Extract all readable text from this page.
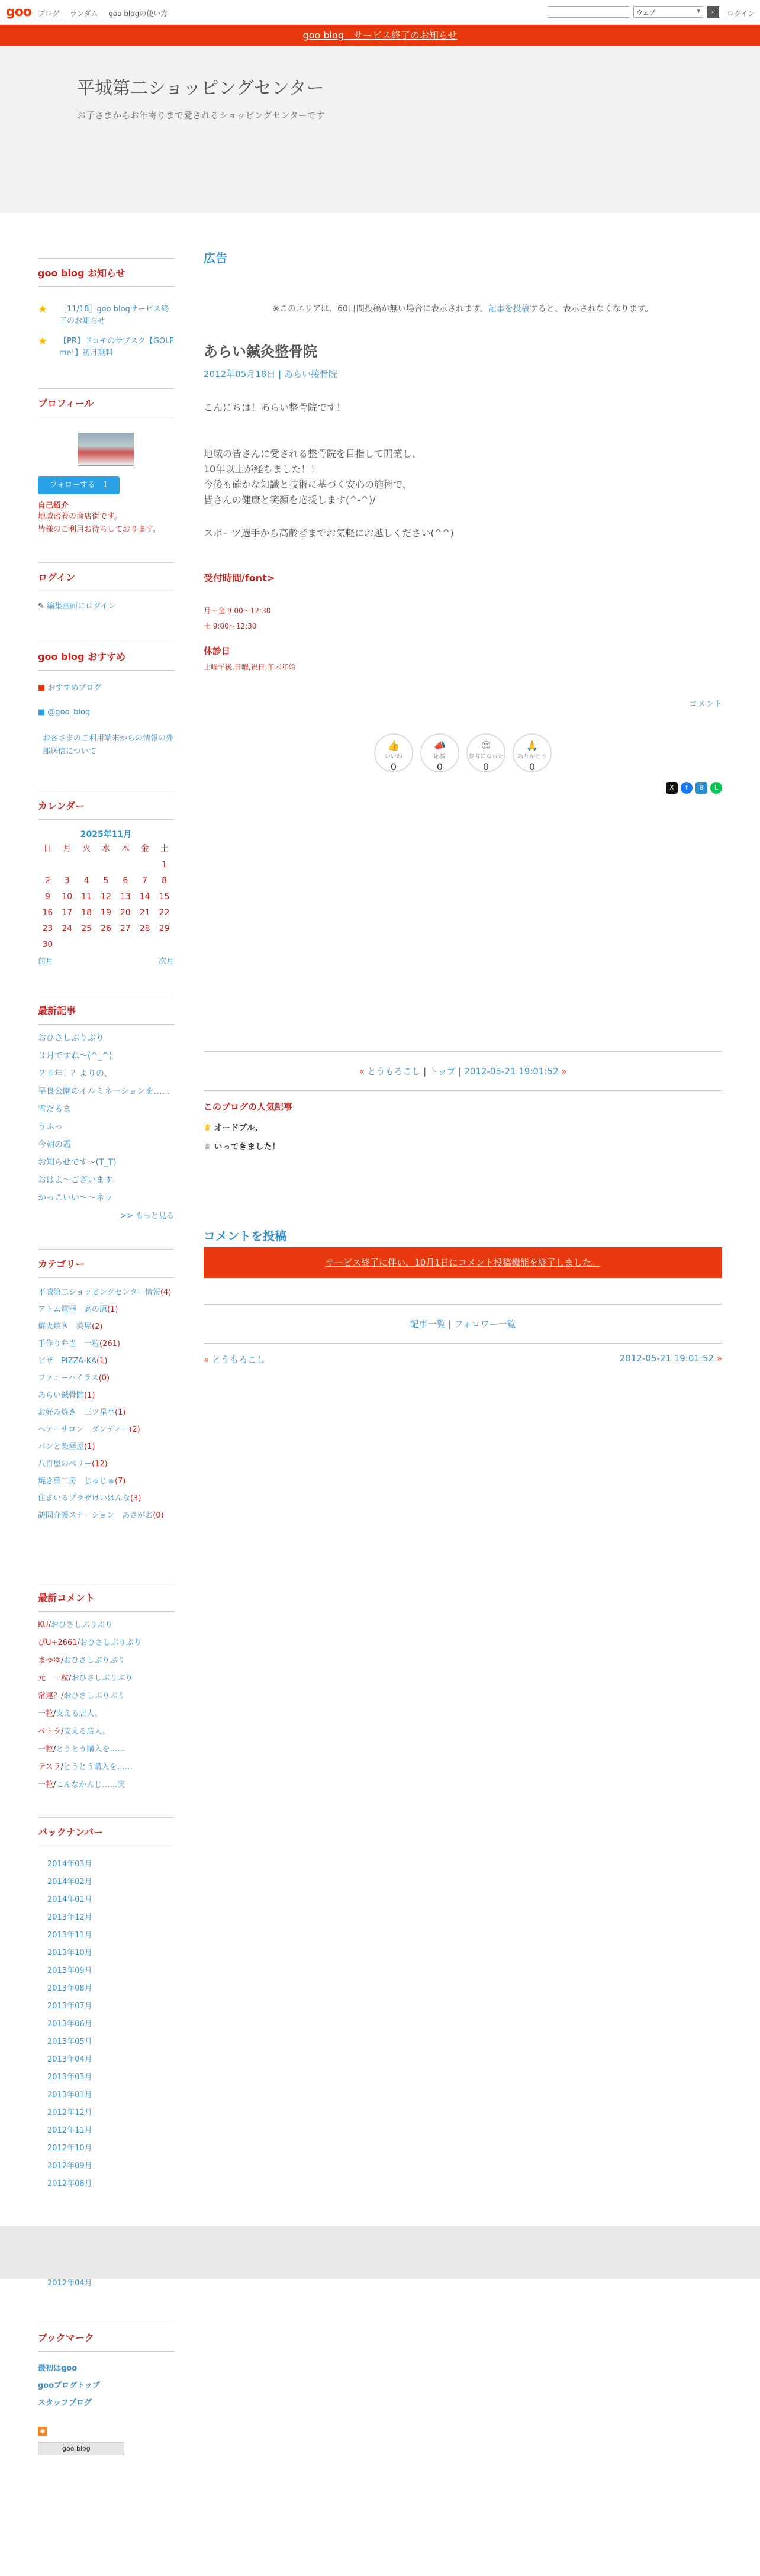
goo ブログ ランダム goo blogの使い方	ウェブ ▾	⌕	ログイン
goo blog　サービス終了のお知らせ
平城第二ショッピングセンター
お子さまからお年寄りまで愛されるショッピングセンターです
goo blog お知らせ
★ ［11/18］goo blogサービス終了のお知らせ
★ 【PR】ドコモのサブスク【GOLF me!】初月無料
プロフィール
フォローする　1
自己紹介
地域密着の商店街です。
皆様のご利用お待ちしております。
ログイン
✎ 編集画面にログイン
goo blog おすすめ
■ おすすめブログ
■ @goo_blog
お客さまのご利用端末からの情報の外部送信について
カレンダー
2025年11月
日	月	火	水	木	金	土
						1
2	3	4	5	6	7	8
9	10	11	12	13	14	15
16	17	18	19	20	21	22
23	24	25	26	27	28	29
30						
前月	次月
最新記事
おひさしぶりぶり
３月ですね〜(^_^)
２４年！？よりの、
早良公園のイルミネーションを……
雪だるま
うふっ
今朝の霜
お知らせです〜(T_T)
おはよ〜ございます。
かっこいい〜〜ネッ
>> もっと見る
カテゴリー
平城第二ショッピングセンター情報(4)
アトム電器　高の原(1)
焼火焼き　菜屋(2)
手作り弁当　一粒(261)
ピザ　PIZZA-KA(1)
ファニーハイラス(0)
あらい鍼骨院(1)
お好み焼き　三ツ星亭(1)
ヘアーサロン　ダンディー(2)
パンと楽器屋(1)
八百屋のベリー(12)
焼き菓工房　じゅじゅ(7)
住まいるプラザけいはんな(3)
訪問介護ステーション　あさがお(0)
最新コメント
KU/おひさしぶりぶり
ぴU+2661/おひさしぶりぶり
まゆゆ/おひさしぶりぶり
元　一粒/おひさしぶりぶり
常連？/おひさしぶりぶり
一粒/支える店人。
ペトラ/支える店人。
一粒/とうとう購入を……
テスラ/とうとう購入を……
一粒/こんなかんじ……実
バックナンバー
2014年03月
2014年02月
2014年01月
2013年12月
2013年11月
2013年10月
2013年09月
2013年08月
2013年07月
2013年06月
2013年05月
2013年04月
2013年03月
2013年01月
2012年12月
2012年11月
2012年10月
2012年09月
2012年08月
2012年04月
ブックマーク
最初はgoo
gooブログトップ
スタッフブログ
◉
goo blog
広告
※このエリアは、60日間投稿が無い場合に表示されます。記事を投稿すると、表示されなくなります。
あらい鍼灸整骨院
2012年05月18日 | あらい接骨院
こんにちは！あらい整骨院です！
地域の皆さんに愛される整骨院を目指して開業し、
10年以上が経ちました！！
今後も確かな知識と技術に基づく安心の施術で、
皆さんの健康と笑顔を応援します(^-^)/
スポーツ選手から高齢者までお気軽にお越しください(^^)
受付時間/font>
月〜金 9:00〜12:30
土 9:00〜12:30
休診日
土曜午後,日曜,祝日,年末年始
コメント
👍
いいね
0
📣
応援
0
😍
参考になった
0
🙏
ありがとう
0
X f B L
« とうもろこし | トップ | 2012-05-21 19:01:52 »
このブログの人気記事
♛ オードブル。
♛ いってきました！
コメントを投稿
サービス終了に伴い、10月1日にコメント投稿機能を終了しました。
記事一覧 | フォロワー一覧
« とうもろこし	2012-05-21 19:01:52 »
